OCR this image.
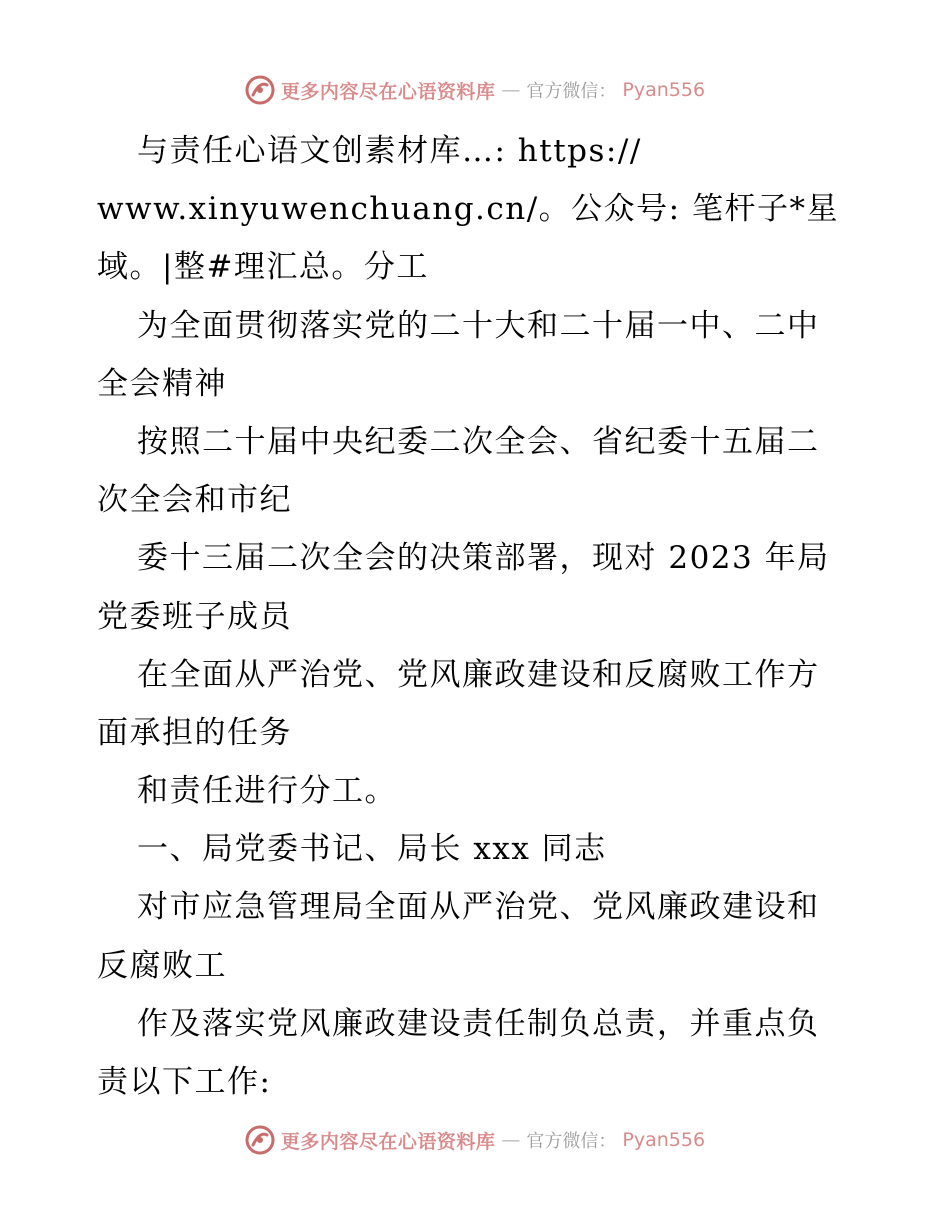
更多内容尽在心语资料库 — 官方微信： Pyan556
与责任心语文创素材库…: https://
www.xinyuwenchuang.cn/。公众号: 笔杆子*星
域。|整#理汇总。分工
为全面贯彻落实党的二十大和二十届一中、二中
全会精神
按照二十届中央纪委二次全会、省纪委十五届二
次全会和市纪
委十三届二次全会的决策部署，现对 2023 年局
党委班子成员
在全面从严治党、党风廉政建设和反腐败工作方
面承担的任务
和责任进行分工。
一、局党委书记、局长 xxx 同志
对市应急管理局全面从严治党、党风廉政建设和
反腐败工
作及落实党风廉政建设责任制负总责，并重点负
责以下工作:
更多内容尽在心语资料库 — 官方微信： Pyan556
